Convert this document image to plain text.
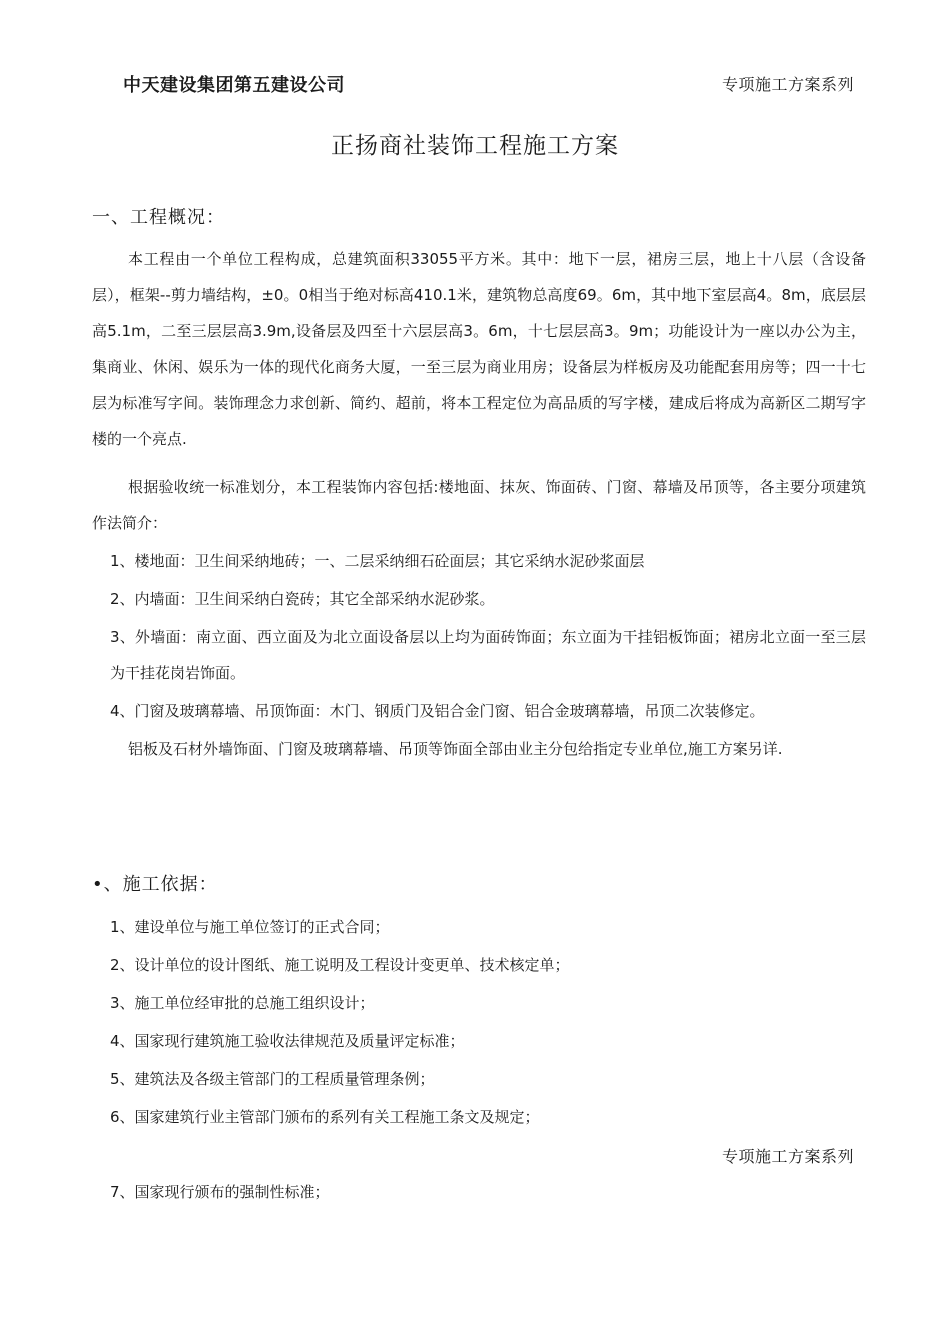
中天建设集团第五建设公司	专项施工方案系列
正扬商社装饰工程施工方案
一、工程概况：

本工程由一个单位工程构成，总建筑面积33055平方米。其中：地下一层，裙房三层，地上十八层（含设备层），框架--剪力墙结构，±0。0相当于绝对标高410.1米，建筑物总高度69。6m，其中地下室层高4。8m，底层层高5.1m，二至三层层高3.9m,设备层及四至十六层层高3。6m，十七层层高3。9m；功能设计为一座以办公为主，集商业、休闲、娱乐为一体的现代化商务大厦，一至三层为商业用房；设备层为样板房及功能配套用房等；四一十七层为标准写字间。装饰理念力求创新、简约、超前，将本工程定位为高品质的写字楼，建成后将成为高新区二期写字楼的一个亮点.

根据验收统一标准划分，本工程装饰内容包括:楼地面、抹灰、饰面砖、门窗、幕墙及吊顶等，各主要分项建筑作法简介：

1、楼地面：卫生间采纳地砖；一、二层采纳细石砼面层；其它采纳水泥砂浆面层

2、内墙面：卫生间采纳白瓷砖；其它全部采纳水泥砂浆。

3、外墙面：南立面、西立面及为北立面设备层以上均为面砖饰面；东立面为干挂铝板饰面；裙房北立面一至三层为干挂花岗岩饰面。

4、门窗及玻璃幕墙、吊顶饰面：木门、钢质门及铝合金门窗、铝合金玻璃幕墙，吊顶二次装修定。

铝板及石材外墙饰面、门窗及玻璃幕墙、吊顶等饰面全部由业主分包给指定专业单位,施工方案另详.

•、施工依据：

1、建设单位与施工单位签订的正式合同；

2、设计单位的设计图纸、施工说明及工程设计变更单、技术核定单；

3、施工单位经审批的总施工组织设计；

4、国家现行建筑施工验收法律规范及质量评定标准；

5、建筑法及各级主管部门的工程质量管理条例；

6、国家建筑行业主管部门颁布的系列有关工程施工条文及规定；

专项施工方案系列

7、国家现行颁布的强制性标准；
